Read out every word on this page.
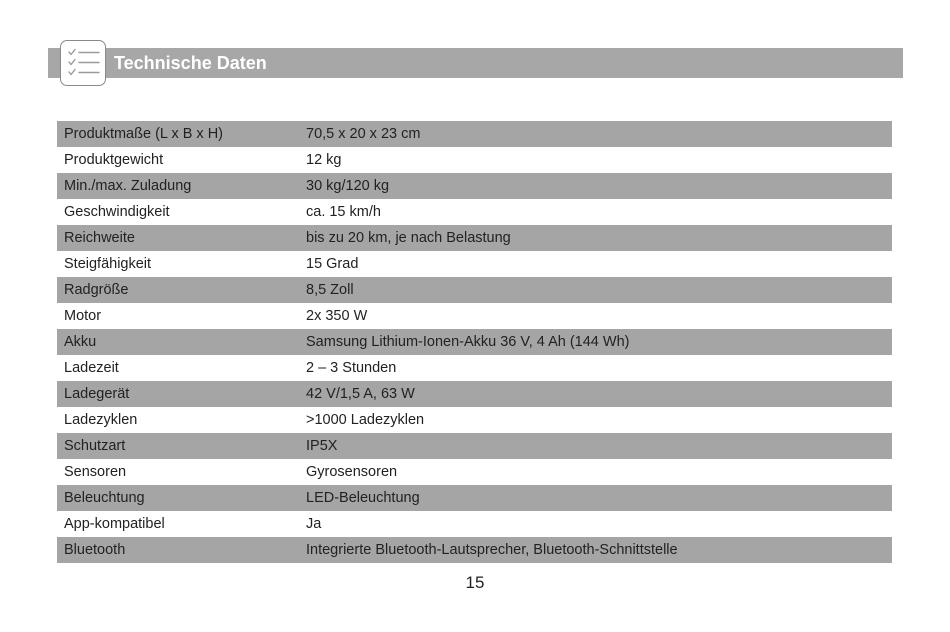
Technische Daten
Produktmaße (L x B x H)	70,5 x 20 x 23 cm
Produktgewicht	12 kg
Min./max. Zuladung	30 kg/120 kg
Geschwindigkeit	ca. 15 km/h
Reichweite	bis zu 20 km, je nach Belastung
Steigfähigkeit	15 Grad
Radgröße	8,5 Zoll
Motor	2x 350 W
Akku	Samsung Lithium-Ionen-Akku 36 V, 4 Ah (144 Wh)
Ladezeit	2 – 3 Stunden
Ladegerät	42 V/1,5 A, 63 W
Ladezyklen	>1000 Ladezyklen
Schutzart	IP5X
Sensoren	Gyrosensoren
Beleuchtung	LED-Beleuchtung
App-kompatibel	Ja
Bluetooth	Integrierte Bluetooth-Lautsprecher, Bluetooth-Schnittstelle
15
